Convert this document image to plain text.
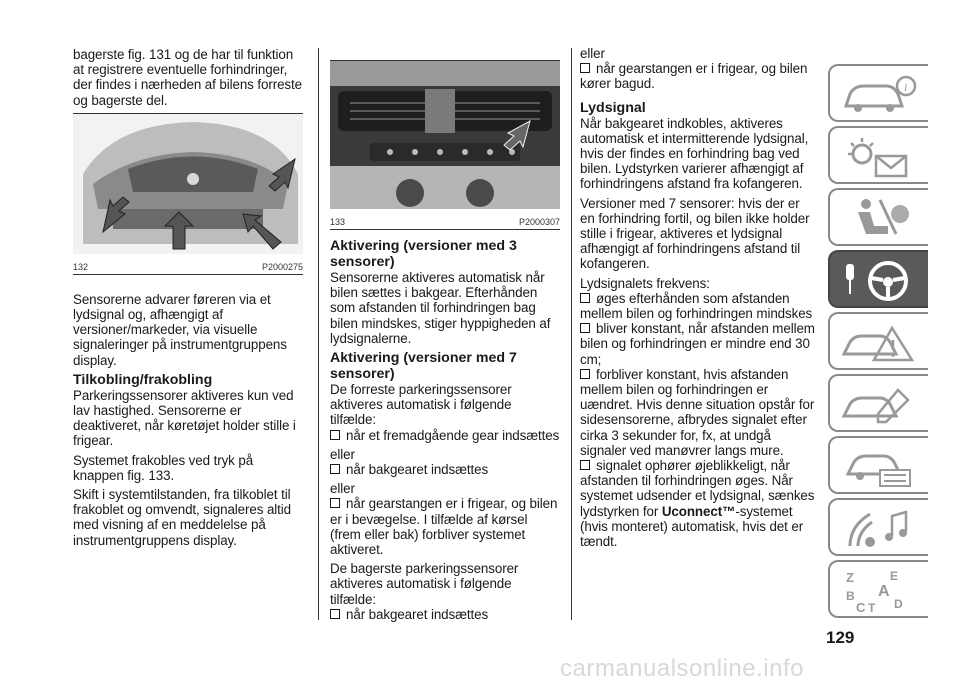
bagerste fig. 131 og de har til funktion at registrere eventuelle forhindringer, der findes i nærheden af bilens forreste og bagerste del.

132	P2000275

Sensorerne advarer føreren via et lydsignal og, afhængigt af versioner/markeder, via visuelle signaleringer på instrumentgruppens display.

Tilkobling/frakobling

Parkeringssensorer aktiveres kun ved lav hastighed. Sensorerne er deaktiveret, når køretøjet holder stille i frigear.

Systemet frakobles ved tryk på knappen fig. 133.

Skift i systemtilstanden, fra tilkoblet til frakoblet og omvendt, signaleres altid med visning af en meddelelse på instrumentgruppens display.

133	P2000307
Aktivering (versioner med 3 sensorer)

Sensorerne aktiveres automatisk når bilen sættes i bakgear. Efterhånden som afstanden til forhindringen bag bilen mindskes, stiger hyppigheden af lydsignalerne.

Aktivering (versioner med 7 sensorer)

De forreste parkeringssensorer aktiveres automatisk i følgende tilfælde:

når et fremadgående gear indsættes

eller

når bakgearet indsættes

eller

når gearstangen er i frigear, og bilen er i bevægelse. I tilfælde af kørsel (frem eller bak) forbliver systemet aktiveret.

De bagerste parkeringssensorer aktiveres automatisk i følgende tilfælde:

når bakgearet indsættes

eller

når gearstangen er i frigear, og bilen kører bagud.

Lydsignal

Når bakgearet indkobles, aktiveres automatisk et intermitterende lydsignal, hvis der findes en forhindring bag ved bilen. Lydstyrken varierer afhængigt af forhindringens afstand fra kofangeren.

Versioner med 7 sensorer: hvis der er en forhindring fortil, og bilen ikke holder stille i frigear, aktiveres et lydsignal afhængigt af forhindringens afstand til kofangeren.

Lydsignalets frekvens:

øges efterhånden som afstanden mellem bilen og forhindringen mindskes

bliver konstant, når afstanden mellem bilen og forhindringen er mindre end 30 cm;

forbliver konstant, hvis afstanden mellem bilen og forhindringen er uændret. Hvis denne situation opstår for sidesensorerne, afbrydes signalet efter cirka 3 sekunder for, fx, at undgå signaler ved manøvrer langs mure.

signalet ophører øjeblikkeligt, når afstanden til forhindringen øges. Når systemet udsender et lydsignal, sænkes lydstyrken for Uconnect™-systemet (hvis monteret) automatisk, hvis det er tændt.

i
Z	E
A
B
C T D
129
carmanualsonline.info
